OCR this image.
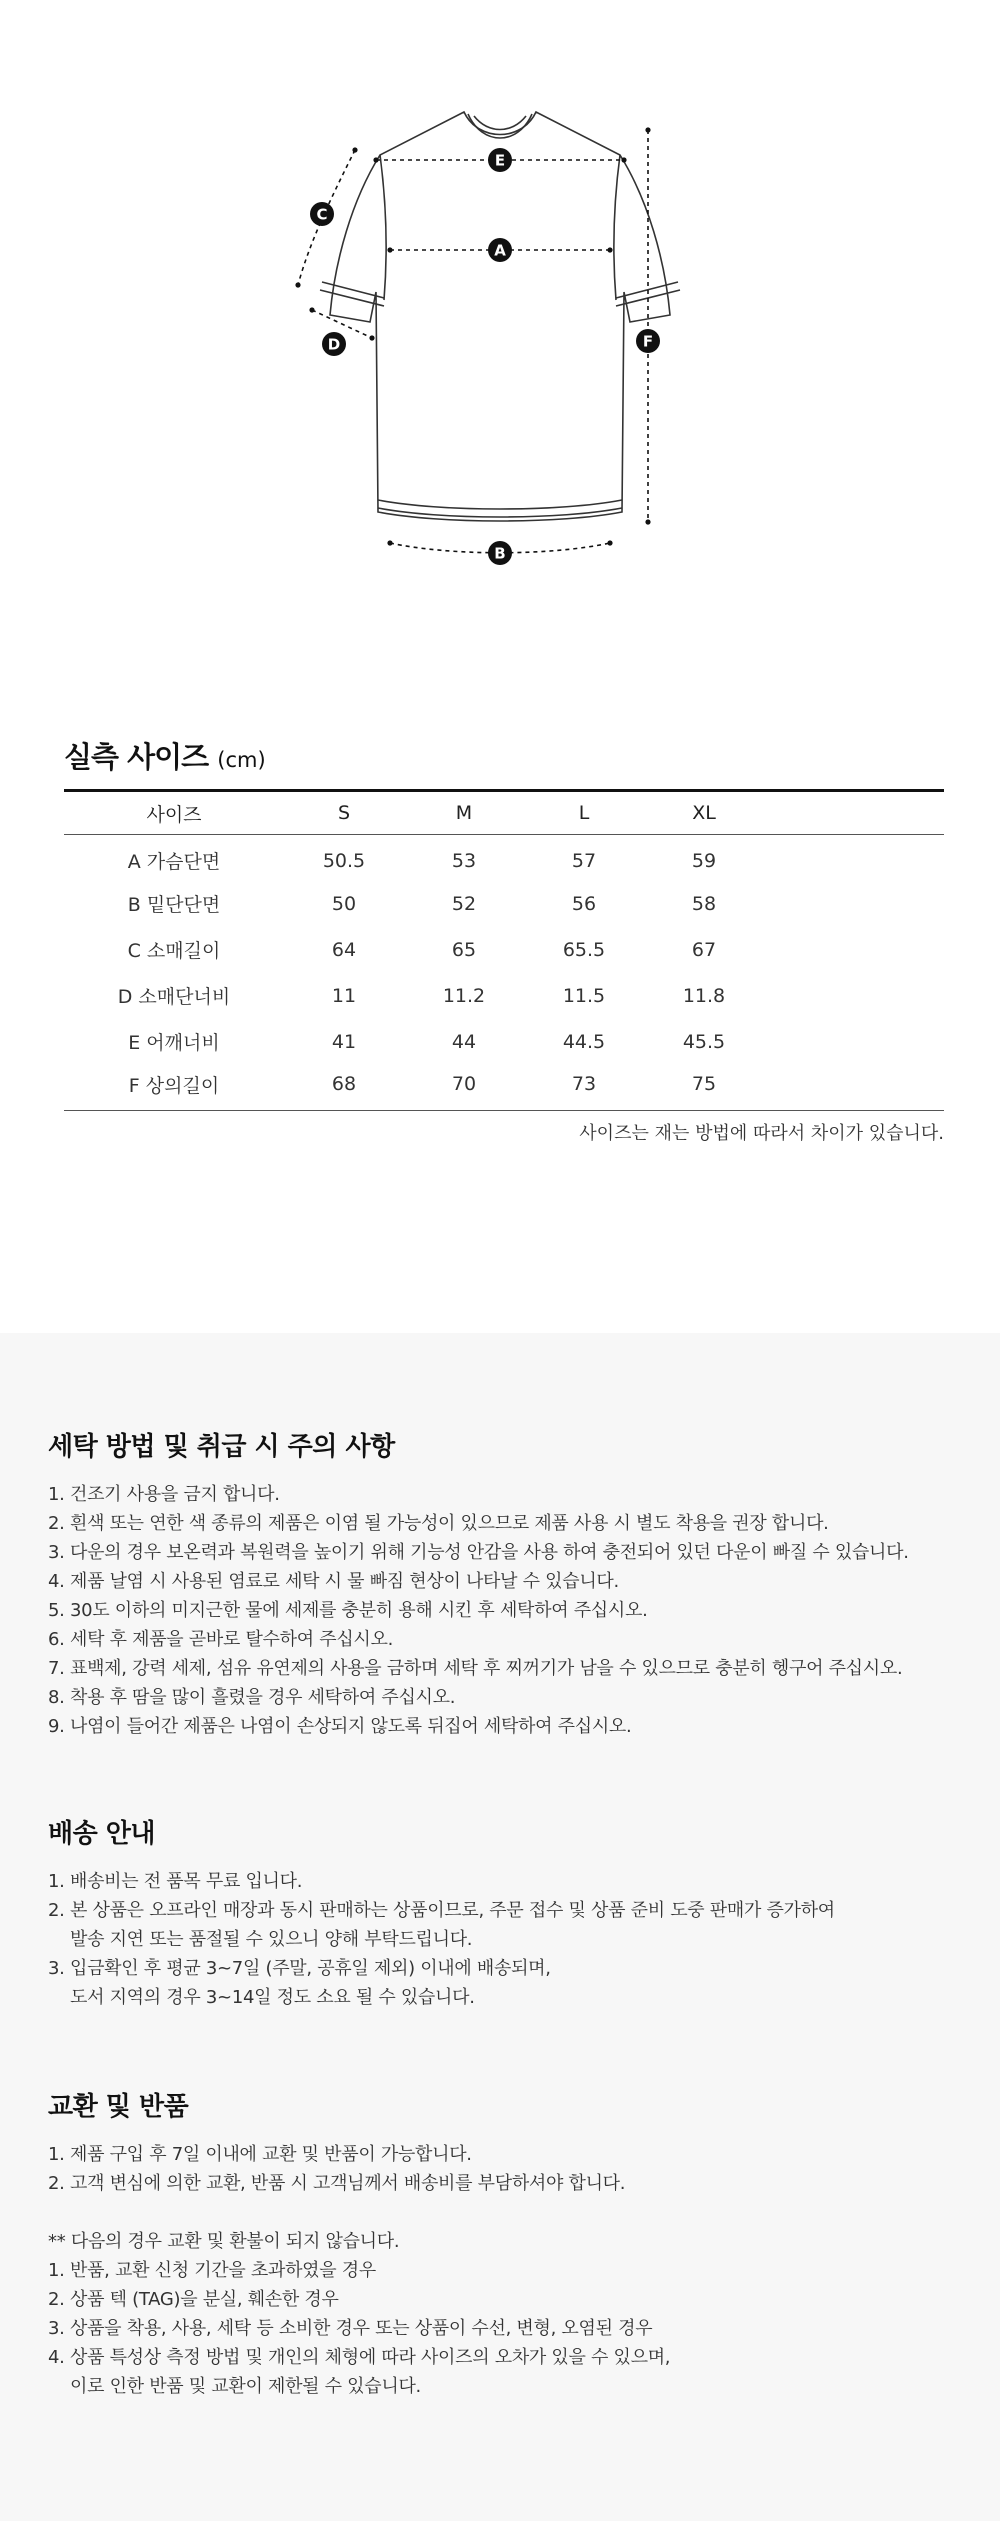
E
A
B
C
D	F
실측 사이즈 (cm)
사이즈	S	M	L	XL	
A 가슴단면	50.5	53	57	59	
B 밑단단면	50	52	56	58	
C 소매길이	64	65	65.5	67	
D 소매단너비	11	11.2	11.5	11.8	
E 어깨너비	41	44	44.5	45.5	
F 상의길이	68	70	73	75	
사이즈는 재는 방법에 따라서 차이가 있습니다.
세탁 방법 및 취급 시 주의 사항
1. 건조기 사용을 금지 합니다.
2. 흰색 또는 연한 색 종류의 제품은 이염 될 가능성이 있으므로 제품 사용 시 별도 착용을 권장 합니다.
3. 다운의 경우 보온력과 복원력을 높이기 위해 기능성 안감을 사용 하여 충전되어 있던 다운이 빠질 수 있습니다.
4. 제품 날염 시 사용된 염료로 세탁 시 물 빠짐 현상이 나타날 수 있습니다.
5. 30도 이하의 미지근한 물에 세제를 충분히 용해 시킨 후 세탁하여 주십시오.
6. 세탁 후 제품을 곧바로 탈수하여 주십시오.
7. 표백제, 강력 세제, 섬유 유연제의 사용을 금하며 세탁 후 찌꺼기가 남을 수 있으므로 충분히 헹구어 주십시오.
8. 착용 후 땀을 많이 흘렸을 경우 세탁하여 주십시오.
9. 나염이 들어간 제품은 나염이 손상되지 않도록 뒤집어 세탁하여 주십시오.
배송 안내
1. 배송비는 전 품목 무료 입니다.
2. 본 상품은 오프라인 매장과 동시 판매하는 상품이므로, 주문 접수 및 상품 준비 도중 판매가 증가하여
발송 지연 또는 품절될 수 있으니 양해 부탁드립니다.
3. 입금확인 후 평균 3~7일 (주말, 공휴일 제외) 이내에 배송되며,
도서 지역의 경우 3~14일 정도 소요 될 수 있습니다.
교환 및 반품
1. 제품 구입 후 7일 이내에 교환 및 반품이 가능합니다.
2. 고객 변심에 의한 교환, 반품 시 고객님께서 배송비를 부담하셔야 합니다.
** 다음의 경우 교환 및 환불이 되지 않습니다.
1. 반품, 교환 신청 기간을 초과하였을 경우
2. 상품 텍 (TAG)을 분실, 훼손한 경우
3. 상품을 착용, 사용, 세탁 등 소비한 경우 또는 상품이 수선, 변형, 오염된 경우
4. 상품 특성상 측정 방법 및 개인의 체형에 따라 사이즈의 오차가 있을 수 있으며,
이로 인한 반품 및 교환이 제한될 수 있습니다.
